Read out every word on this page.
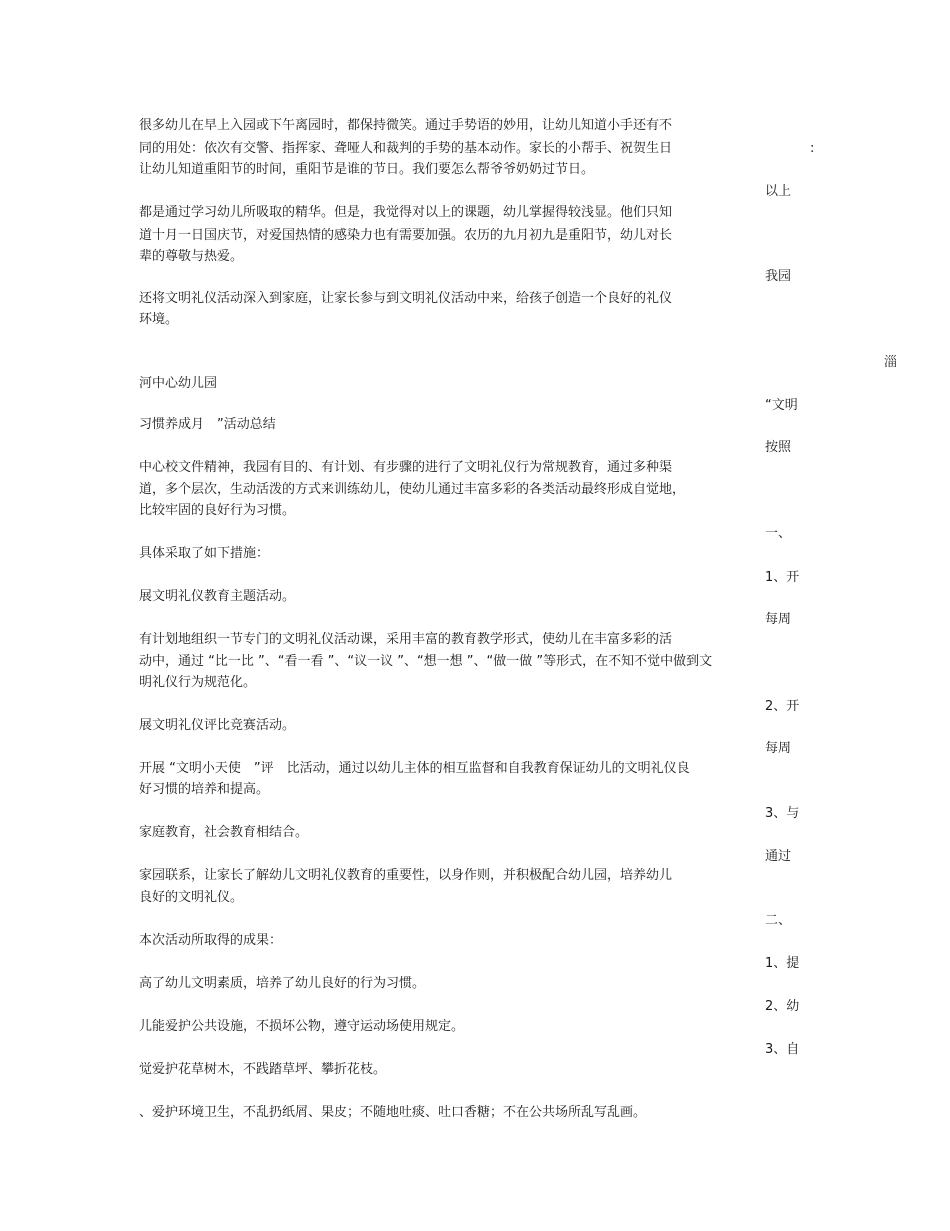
很多幼儿在早上入园或下午离园时，都保持微笑。通过手势语的妙用，让幼儿知道小手还有不
同的用处：依次有交警、指挥家、聋哑人和裁判的手势的基本动作。家长的小帮手、祝贺生日
让幼儿知道重阳节的时间，重阳节是谁的节日。我们要怎么帮爷爷奶奶过节日。
都是通过学习幼儿所吸取的精华。但是，我觉得对以上的课题，幼儿掌握得较浅显。他们只知
道十月一日国庆节，对爱国热情的感染力也有需要加强。农历的九月初九是重阳节，幼儿对长
辈的尊敬与热爱。
还将文明礼仪活动深入到家庭，让家长参与到文明礼仪活动中来，给孩子创造一个良好的礼仪
环境。
河中心幼儿园
习惯养成月　”活动总结
中心校文件精神，我园有目的、有计划、有步骤的进行了文明礼仪行为常规教育，通过多种渠
道，多个层次，生动活泼的方式来训练幼儿，使幼儿通过丰富多彩的各类活动最终形成自觉地，
比较牢固的良好行为习惯。
具体采取了如下措施：
展文明礼仪教育主题活动。
有计划地组织一节专门的文明礼仪活动课，采用丰富的教育教学形式，使幼儿在丰富多彩的活
动中，通过 “比一比 ”、“看一看 ”、“议一议 ”、“想一想 ”、“做一做 ”等形式，在不知不觉中做到文
明礼仪行为规范化。
展文明礼仪评比竞赛活动。
开展 “文明小天使　”评　比活动，通过以幼儿主体的相互监督和自我教育保证幼儿的文明礼仪良
好习惯的培养和提高。
家庭教育，社会教育相结合。
家园联系，让家长了解幼儿文明礼仪教育的重要性，以身作则，并积极配合幼儿园，培养幼儿
良好的文明礼仪。
本次活动所取得的成果：
高了幼儿文明素质，培养了幼儿良好的行为习惯。
儿能爱护公共设施，不损坏公物，遵守运动场使用规定。
觉爱护花草树木，不践踏草坪、攀折花枝。
、爱护环境卫生，不乱扔纸屑、果皮；不随地吐痰、吐口香糖；不在公共场所乱写乱画。
:
以上
我园
淄
“文明
按照
一、
1、开
每周
2、开
每周
3、与
通过
二、
1、提
2、幼
3、自
